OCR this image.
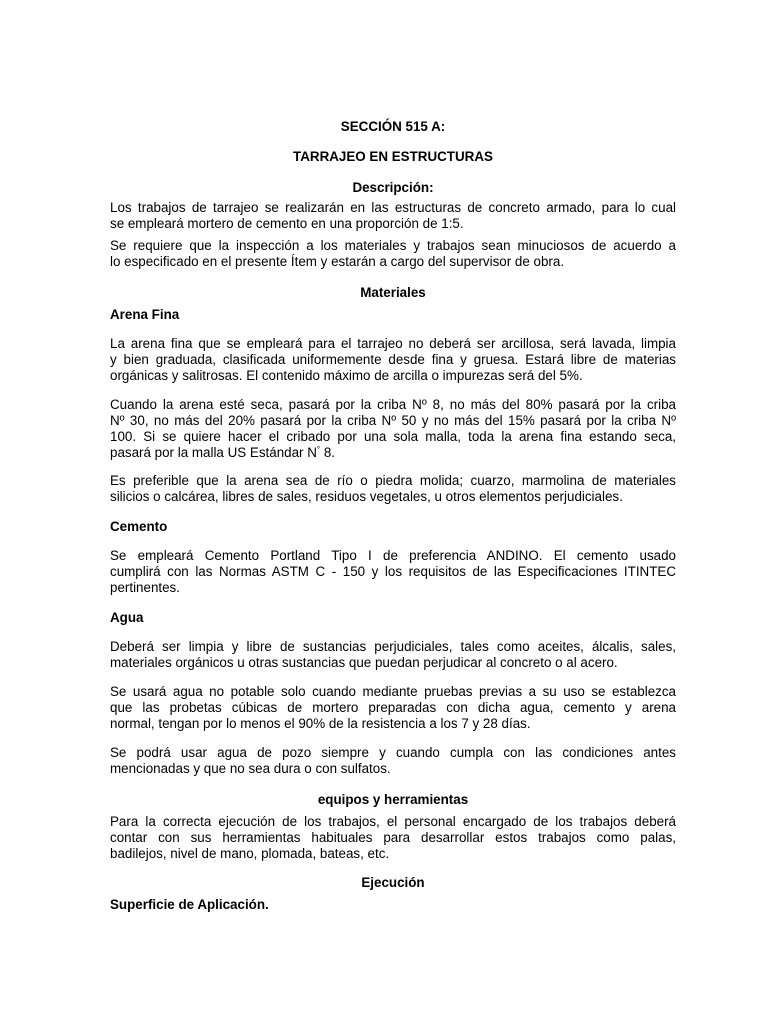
SECCIÓN 515 A:
TARRAJEO EN ESTRUCTURAS
Descripción:
Los trabajos de tarrajeo se realizarán en las estructuras de concreto armado, para lo cual
se empleará mortero de cemento en una proporción de 1:5.
Se requiere que la inspección a los materiales y trabajos sean minuciosos de acuerdo a
lo especificado en el presente Ítem y estarán a cargo del supervisor de obra.
Materiales
Arena Fina
La arena fina que se empleará para el tarrajeo no deberá ser arcillosa, será lavada, limpia
y bien graduada, clasificada uniformemente desde fina y gruesa. Estará libre de materias
orgánicas y salitrosas. El contenido máximo de arcilla o impurezas será del 5%.
Cuando la arena esté seca, pasará por la criba Nº 8, no más del 80% pasará por la criba
Nº 30, no más del 20% pasará por la criba Nº 50 y no más del 15% pasará por la criba Nº
100. Si se quiere hacer el cribado por una sola malla, toda la arena fina estando seca,
pasará por la malla US Estándar N° 8.
Es preferible que la arena sea de río o piedra molida; cuarzo, marmolina de materiales
silicios o calcárea, libres de sales, residuos vegetales, u otros elementos perjudiciales.
Cemento
Se empleará Cemento Portland Tipo I de preferencia ANDINO. El cemento usado
cumplirá con las Normas ASTM C - 150 y los requisitos de las Especificaciones ITINTEC
pertinentes.
Agua
Deberá ser limpia y libre de sustancias perjudiciales, tales como aceites, álcalis, sales,
materiales orgánicos u otras sustancias que puedan perjudicar al concreto o al acero.
Se usará agua no potable solo cuando mediante pruebas previas a su uso se establezca
que las probetas cúbicas de mortero preparadas con dicha agua, cemento y arena
normal, tengan por lo menos el 90% de la resistencia a los 7 y 28 días.
Se podrá usar agua de pozo siempre y cuando cumpla con las condiciones antes
mencionadas y que no sea dura o con sulfatos.
equipos y herramientas
Para la correcta ejecución de los trabajos, el personal encargado de los trabajos deberá
contar con sus herramientas habituales para desarrollar estos trabajos como palas,
badilejos, nivel de mano, plomada, bateas, etc.
Ejecución
Superficie de Aplicación.
